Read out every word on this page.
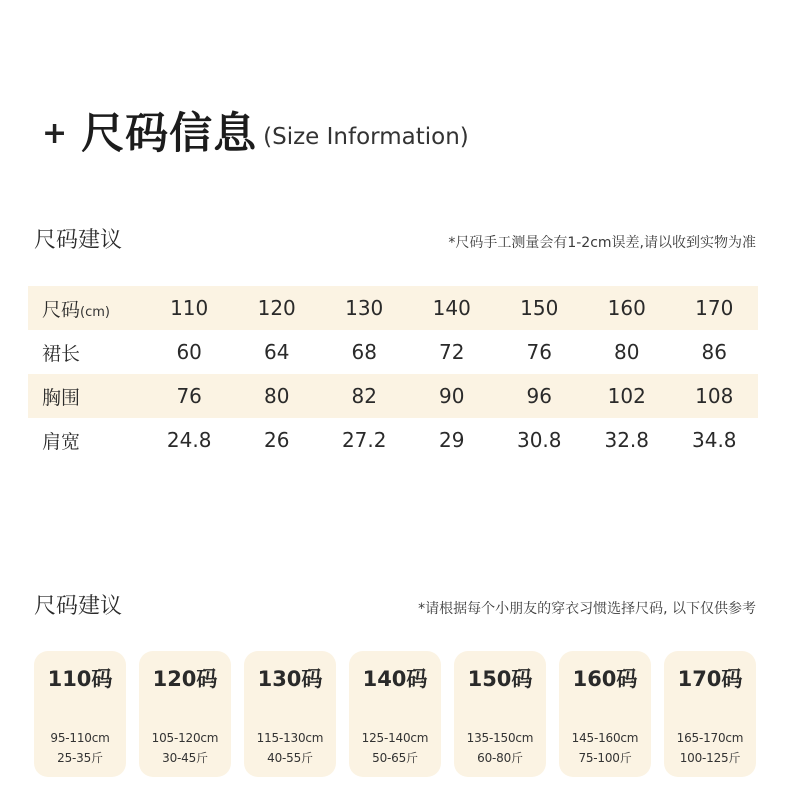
+ 尺码信息 (Size Information)
尺码建议	*尺码手工测量会有1-2cm误差,请以收到实物为准
尺码(cm)	110	120	130	140	150	160	170
裙长	60	64	68	72	76	80	86
胸围	76	80	82	90	96	102	108
肩宽	24.8	26	27.2	29	30.8	32.8	34.8
尺码建议	*请根据每个小朋友的穿衣习惯选择尺码, 以下仅供参考
110码
95-110cm
25-35斤
120码
105-120cm
30-45斤
130码
115-130cm
40-55斤
140码
125-140cm
50-65斤
150码
135-150cm
60-80斤
160码
145-160cm
75-100斤
170码
165-170cm
100-125斤
